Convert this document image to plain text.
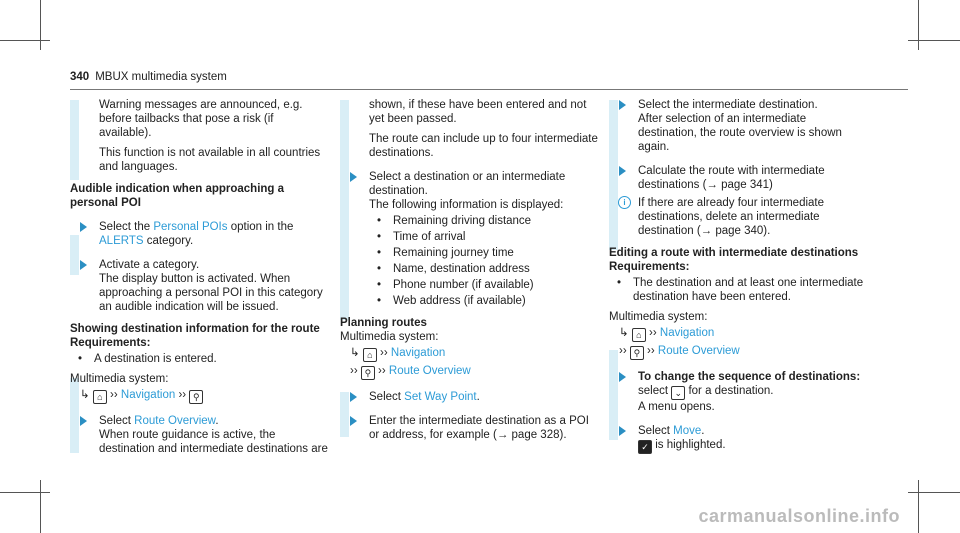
340 MBUX multimedia system

Warning messages are announced, e.g. before tailbacks that pose a risk (if available).

This function is not available in all countries and languages.

Audible indication when approaching a personal POI

Select the Personal POIs option in the
ALERTS category.
Activate a category.
The display button is activated. When approaching a personal POI in this category an audible indication will be issued.

Showing destination information for the route

Requirements:

• A destination is entered.

Multimedia system:

↳ ⌂ ›› Navigation ›› ⚲
Select Route Overview.
When route guidance is active, the destination and intermediate destinations are

shown, if these have been entered and not yet been passed.

The route can include up to four intermediate destinations.

Select a destination or an intermediate destination.
The following information is displayed:
• Remaining driving distance
• Time of arrival
• Remaining journey time
• Name, destination address
• Phone number (if available)
• Web address (if available)

Planning routes

Multimedia system:

↳ ⌂ ›› Navigation
›› ⚲ ›› Route Overview
Select Set Way Point.
Enter the intermediate destination as a POI or address, for example (→ page 328).
Select the intermediate destination.
After selection of an intermediate destination, the route overview is shown again.
Calculate the route with intermediate destinations (→ page 341)
i	If there are already four intermediate destinations, delete an intermediate destination (→ page 340).

Editing a route with intermediate destinations

Requirements:

• The destination and at least one intermediate destination have been entered.

Multimedia system:

↳ ⌂ ›› Navigation
›› ⚲ ›› Route Overview
To change the sequence of destinations:
select ⌄ for a destination.
A menu opens.
Select Move.
✓ is highlighted.
carmanualsonline.info
